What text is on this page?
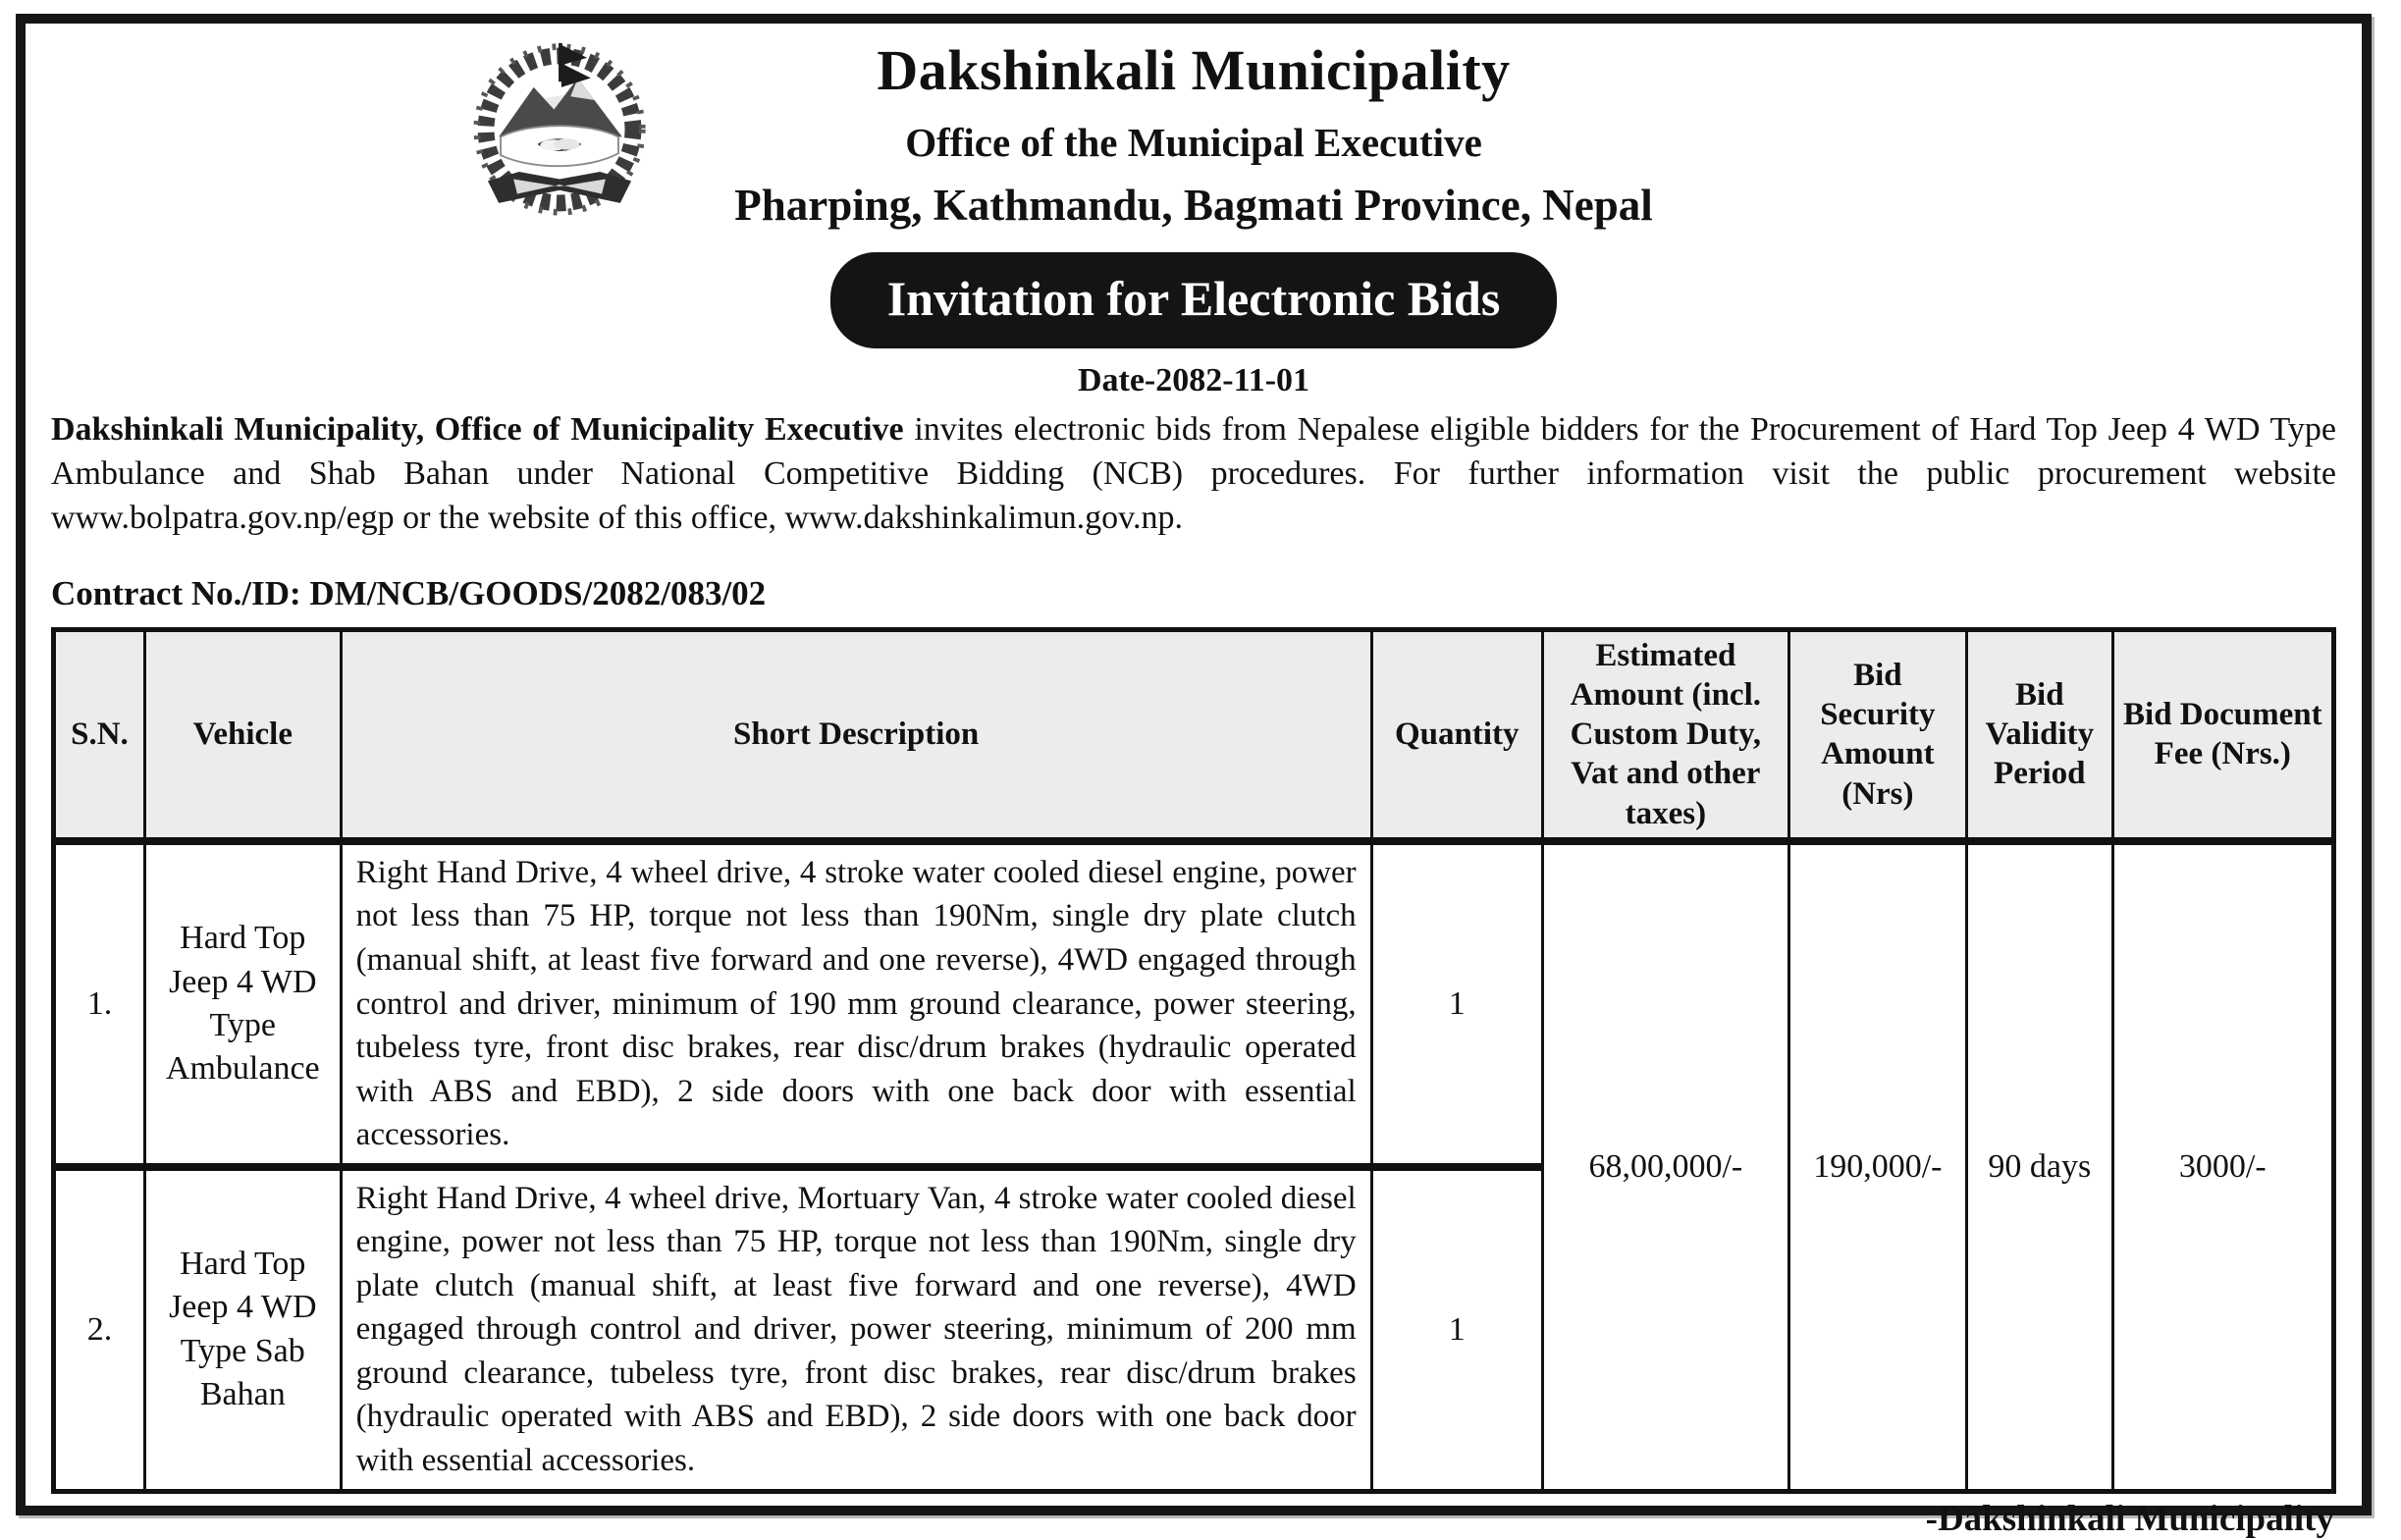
Dakshinkali Municipality
Office of the Municipal Executive
Pharping, Kathmandu, Bagmati Province, Nepal
Invitation for Electronic Bids
Date-2082-11-01

Dakshinkali Municipality, Office of Municipality Executive invites electronic bids from Nepalese eligible bidders for the Procurement of Hard Top Jeep 4 WD Type Ambulance and Shab Bahan under National Competitive Bidding (NCB) procedures. For further information visit the public procurement website www.bolpatra.gov.np/egp or the website of this office, www.dakshinkalimun.gov.np.

Contract No./ID: DM/NCB/GOODS/2082/083/02
S.N.	Vehicle	Short Description	Quantity	Estimated Amount (incl. Custom Duty, Vat and other taxes)	Bid Security Amount (Nrs)	Bid Validity Period	Bid Document Fee (Nrs.)
1.	Hard Top Jeep 4 WD Type Ambulance	Right Hand Drive, 4 wheel drive, 4 stroke water cooled diesel engine, power not less than 75 HP, torque not less than 190Nm, single dry plate clutch (manual shift, at least five forward and one reverse), 4WD engaged through control and driver, minimum of 190 mm ground clearance, power steering, tubeless tyre, front disc brakes, rear disc/drum brakes (hydraulic operated with ABS and EBD), 2 side doors with one back door with essential accessories.	1	68,00,000/-	190,000/-	90 days	3000/-
2.	Hard Top Jeep 4 WD Type Sab Bahan	Right Hand Drive, 4 wheel drive, Mortuary Van, 4 stroke water cooled diesel engine, power not less than 75 HP, torque not less than 190Nm, single dry plate clutch (manual shift, at least five forward and one reverse), 4WD engaged through control and driver, power steering, minimum of 200 mm ground clearance, tubeless tyre, front disc brakes, rear disc/drum brakes (hydraulic operated with ABS and EBD), 2 side doors with one back door with essential accessories.	1				
-Dakshinkali Municipality
